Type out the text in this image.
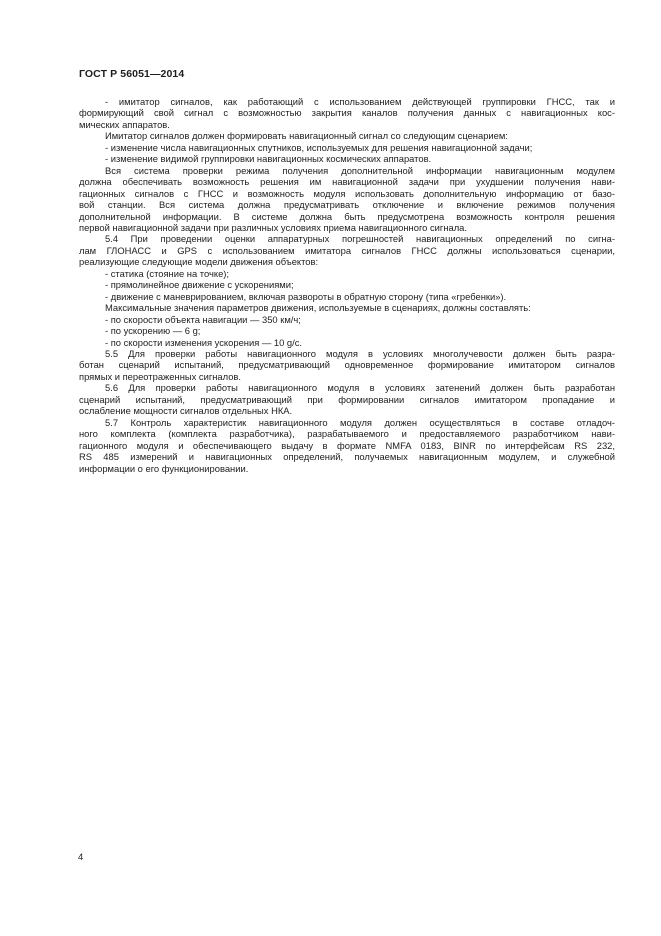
ГОСТ Р 56051—2014
- имитатор сигналов, как работающий с использованием действующей группировки ГНСС, так и
формирующий свой сигнал с возможностью закрытия каналов получения данных с навигационных кос-
мических аппаратов.
Имитатор сигналов должен формировать навигационный сигнал со следующим сценарием:
- изменение числа навигационных спутников, используемых для решения навигационной задачи;
- изменение видимой группировки навигационных космических аппаратов.
Вся система проверки режима получения дополнительной информации навигационным модулем
должна обеспечивать возможность решения им навигационной задачи при ухудшении получения нави-
гационных сигналов с ГНСС и возможность модуля использовать дополнительную информацию от базо-
вой станции. Вся система должна предусматривать отключение и включение режимов получения
дополнительной информации. В системе должна быть предусмотрена возможность контроля решения
первой навигационной задачи при различных условиях приема навигационного сигнала.
5.4 При проведении оценки аппаратурных погрешностей навигационных определений по сигна-
лам ГЛОНАСС и GPS с использованием имитатора сигналов ГНСС должны использоваться сценарии,
реализующие следующие модели движения объектов:
- статика (стояние на точке);
- прямолинейное движение с ускорениями;
- движение с маневрированием, включая развороты в обратную сторону (типа «гребенки»).
Максимальные значения параметров движения, используемые в сценариях, должны составлять:
- по скорости объекта навигации — 350 км/ч;
- по ускорению — 6 g;
- по скорости изменения ускорения — 10 g/с.
5.5 Для проверки работы навигационного модуля в условиях многолучевости должен быть разра-
ботан сценарий испытаний, предусматривающий одновременное формирование имитатором сигналов
прямых и переотраженных сигналов.
5.6 Для проверки работы навигационного модуля в условиях затенений должен быть разработан
сценарий испытаний, предусматривающий при формировании сигналов имитатором пропадание и
ослабление мощности сигналов отдельных НКА.
5.7 Контроль характеристик навигационного модуля должен осуществляться в составе отладоч-
ного комплекта (комплекта разработчика), разрабатываемого и предоставляемого разработчиком нави-
гационного модуля и обеспечивающего выдачу в формате NMFA 0183, BINR по интерфейсам RS 232,
RS 485 измерений и навигационных определений, получаемых навигационным модулем, и служебной
информации о его функционировании.
4
